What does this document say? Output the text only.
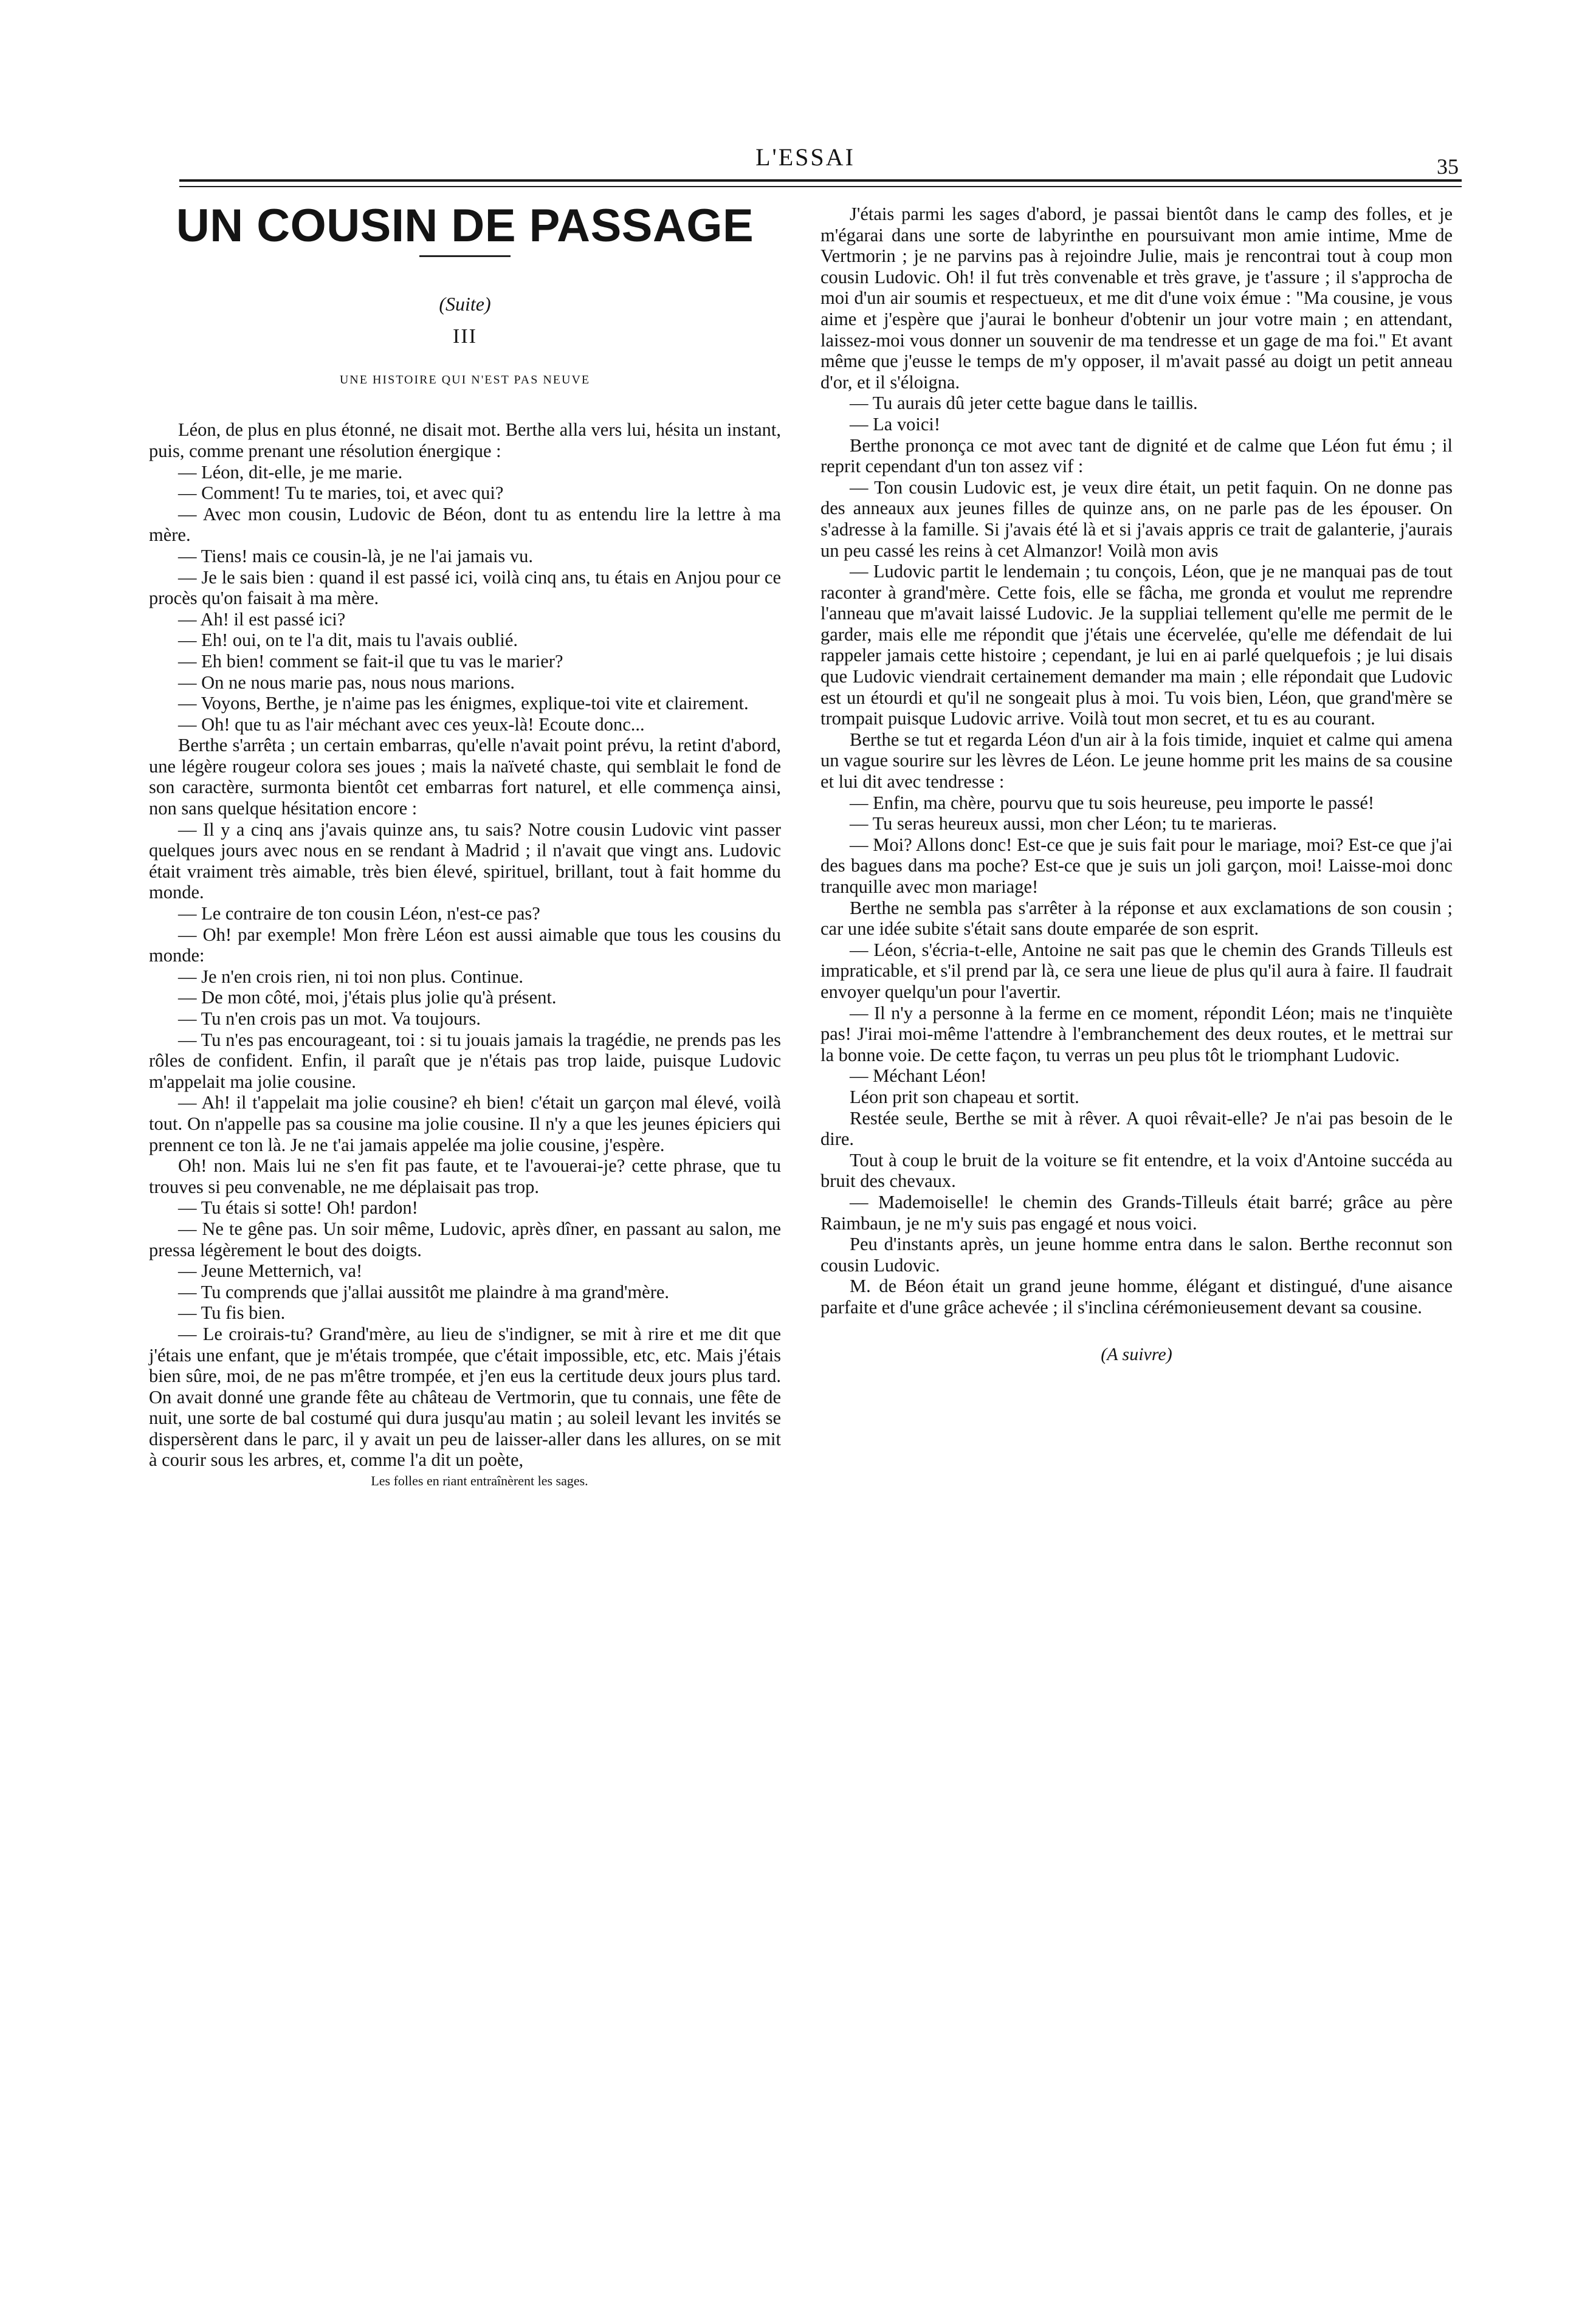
L'ESSAI	35
UN COUSIN DE PASSAGE
(Suite)
III
UNE HISTOIRE QUI N'EST PAS NEUVE

Léon, de plus en plus étonné, ne disait mot. Berthe alla vers lui, hésita un instant, puis, comme prenant une résolution énergique :

— Léon, dit-elle, je me marie.

— Comment! Tu te maries, toi, et avec qui?

— Avec mon cousin, Ludovic de Béon, dont tu as entendu lire la lettre à ma mère.

— Tiens! mais ce cousin-là, je ne l'ai jamais vu.

— Je le sais bien : quand il est passé ici, voilà cinq ans, tu étais en Anjou pour ce procès qu'on faisait à ma mère.

— Ah! il est passé ici?

— Eh! oui, on te l'a dit, mais tu l'avais oublié.

— Eh bien! comment se fait-il que tu vas le marier?

— On ne nous marie pas, nous nous marions.

— Voyons, Berthe, je n'aime pas les énigmes, explique-toi vite et clairement.

— Oh! que tu as l'air méchant avec ces yeux-là! Ecoute donc...

Berthe s'arrêta ; un certain embarras, qu'elle n'avait point prévu, la retint d'abord, une légère rougeur colora ses joues ; mais la naïveté chaste, qui semblait le fond de son caractère, surmonta bientôt cet embarras fort naturel, et elle commença ainsi, non sans quelque hésitation encore :

— Il y a cinq ans j'avais quinze ans, tu sais? Notre cousin Ludovic vint passer quelques jours avec nous en se rendant à Madrid ; il n'avait que vingt ans. Ludovic était vraiment très aimable, très bien élevé, spirituel, brillant, tout à fait homme du monde.

— Le contraire de ton cousin Léon, n'est-ce pas?

— Oh! par exemple! Mon frère Léon est aussi aimable que tous les cousins du monde:

— Je n'en crois rien, ni toi non plus. Continue.

— De mon côté, moi, j'étais plus jolie qu'à présent.

— Tu n'en crois pas un mot. Va toujours.

— Tu n'es pas encourageant, toi : si tu jouais jamais la tragédie, ne prends pas les rôles de confident. Enfin, il paraît que je n'étais pas trop laide, puisque Ludovic m'appelait ma jolie cousine.

— Ah! il t'appelait ma jolie cousine? eh bien! c'était un garçon mal élevé, voilà tout. On n'appelle pas sa cousine ma jolie cousine. Il n'y a que les jeunes épiciers qui prennent ce ton là. Je ne t'ai jamais appelée ma jolie cousine, j'espère.

Oh! non. Mais lui ne s'en fit pas faute, et te l'avouerai-je? cette phrase, que tu trouves si peu convenable, ne me déplaisait pas trop.

— Tu étais si sotte! Oh! pardon!

— Ne te gêne pas. Un soir même, Ludovic, après dîner, en passant au salon, me pressa légèrement le bout des doigts.

— Jeune Metternich, va!

— Tu comprends que j'allai aussitôt me plaindre à ma grand'mère.

— Tu fis bien.

— Le croirais-tu? Grand'mère, au lieu de s'indigner, se mit à rire et me dit que j'étais une enfant, que je m'étais trompée, que c'était impossible, etc, etc. Mais j'étais bien sûre, moi, de ne pas m'être trompée, et j'en eus la certitude deux jours plus tard. On avait donné une grande fête au château de Vertmorin, que tu connais, une fête de nuit, une sorte de bal costumé qui dura jusqu'au matin ; au soleil levant les invités se dispersèrent dans le parc, il y avait un peu de laisser-aller dans les allures, on se mit à courir sous les arbres, et, comme l'a dit un poète,

Les folles en riant entraînèrent les sages.

J'étais parmi les sages d'abord, je passai bientôt dans le camp des folles, et je m'égarai dans une sorte de labyrinthe en poursuivant mon amie intime, Mme de Vertmorin ; je ne parvins pas à rejoindre Julie, mais je rencontrai tout à coup mon cousin Ludovic. Oh! il fut très convenable et très grave, je t'assure ; il s'approcha de moi d'un air soumis et respectueux, et me dit d'une voix émue : "Ma cousine, je vous aime et j'espère que j'aurai le bonheur d'obtenir un jour votre main ; en attendant, laissez-moi vous donner un souvenir de ma tendresse et un gage de ma foi." Et avant même que j'eusse le temps de m'y opposer, il m'avait passé au doigt un petit anneau d'or, et il s'éloigna.

— Tu aurais dû jeter cette bague dans le taillis.

— La voici!

Berthe prononça ce mot avec tant de dignité et de calme que Léon fut ému ; il reprit cependant d'un ton assez vif :

— Ton cousin Ludovic est, je veux dire était, un petit faquin. On ne donne pas des anneaux aux jeunes filles de quinze ans, on ne parle pas de les épouser. On s'adresse à la famille. Si j'avais été là et si j'avais appris ce trait de galanterie, j'aurais un peu cassé les reins à cet Almanzor! Voilà mon avis

— Ludovic partit le lendemain ; tu conçois, Léon, que je ne manquai pas de tout raconter à grand'mère. Cette fois, elle se fâcha, me gronda et voulut me reprendre l'anneau que m'avait laissé Ludovic. Je la suppliai tellement qu'elle me permit de le garder, mais elle me répondit que j'étais une écervelée, qu'elle me défendait de lui rappeler jamais cette histoire ; cependant, je lui en ai parlé quelquefois ; je lui disais que Ludovic viendrait certainement demander ma main ; elle répondait que Ludovic est un étourdi et qu'il ne songeait plus à moi. Tu vois bien, Léon, que grand'mère se trompait puisque Ludovic arrive. Voilà tout mon secret, et tu es au courant.

Berthe se tut et regarda Léon d'un air à la fois timide, inquiet et calme qui amena un vague sourire sur les lèvres de Léon. Le jeune homme prit les mains de sa cousine et lui dit avec tendresse :

— Enfin, ma chère, pourvu que tu sois heureuse, peu importe le passé!

— Tu seras heureux aussi, mon cher Léon; tu te marieras.

— Moi? Allons donc! Est-ce que je suis fait pour le mariage, moi? Est-ce que j'ai des bagues dans ma poche? Est-ce que je suis un joli garçon, moi! Laisse-moi donc tranquille avec mon mariage!

Berthe ne sembla pas s'arrêter à la réponse et aux exclamations de son cousin ; car une idée subite s'était sans doute emparée de son esprit.

— Léon, s'écria-t-elle, Antoine ne sait pas que le chemin des Grands Tilleuls est impraticable, et s'il prend par là, ce sera une lieue de plus qu'il aura à faire. Il faudrait envoyer quelqu'un pour l'avertir.

— Il n'y a personne à la ferme en ce moment, répondit Léon; mais ne t'inquiète pas! J'irai moi-même l'attendre à l'embranchement des deux routes, et le mettrai sur la bonne voie. De cette façon, tu verras un peu plus tôt le triomphant Ludovic.

— Méchant Léon!

Léon prit son chapeau et sortit.

Restée seule, Berthe se mit à rêver. A quoi rêvait-elle? Je n'ai pas besoin de le dire.

Tout à coup le bruit de la voiture se fit entendre, et la voix d'Antoine succéda au bruit des chevaux.

— Mademoiselle! le chemin des Grands-Tilleuls était barré; grâce au père Raimbaun, je ne m'y suis pas engagé et nous voici.

Peu d'instants après, un jeune homme entra dans le salon. Berthe reconnut son cousin Ludovic.

M. de Béon était un grand jeune homme, élégant et distingué, d'une aisance parfaite et d'une grâce achevée ; il s'inclina cérémonieusement devant sa cousine.

(A suivre)
